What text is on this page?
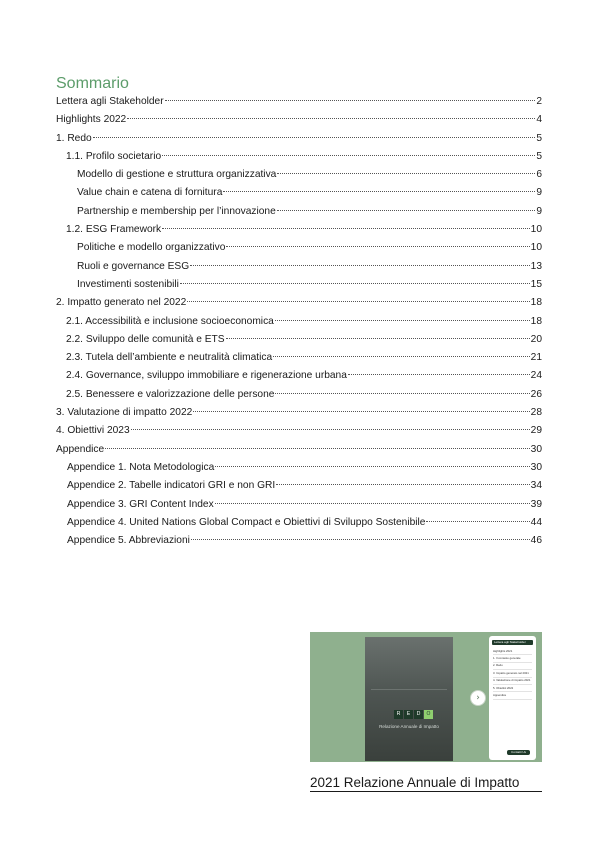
Sommario
Lettera agli Stakeholder	2
Highlights 2022	4
1. Redo	5
1.1. Profilo societario	5
Modello di gestione e struttura organizzativa	6
Value chain e catena di fornitura	9
Partnership e membership per l’innovazione	9
1.2. ESG Framework	10
Politiche e modello organizzativo	10
Ruoli e governance ESG	13
Investimenti sostenibili	15
2. Impatto generato nel 2022	18
2.1. Accessibilità e inclusione socioeconomica	18
2.2. Sviluppo delle comunità e ETS	20
2.3. Tutela dell’ambiente e neutralità climatica	21
2.4. Governance, sviluppo immobiliare e rigenerazione urbana	24
2.5. Benessere e valorizzazione delle persone	26
3. Valutazione di impatto 2022	28
4. Obiettivi 2023	29
Appendice	30
Appendice 1. Nota Metodologica	30
Appendice 2. Tabelle indicatori GRI e non GRI	34
Appendice 3. GRI Content Index	39
Appendice 4. United Nations Global Compact e Obiettivi di Sviluppo Sostenibile	44
Appendice 5. Abbreviazioni	46
R	E	D	O
Relazione Annuale di Impatto
›
Lettera agli Stakeholder
Highlights 2021
1. Il contesto generale
2. Redo
3. Impatto generato nel 2021
4. Valutazione di impatto 2021
5. Obiettivi 2022
Appendice
Contatti Us
2021 Relazione Annuale di Impatto
